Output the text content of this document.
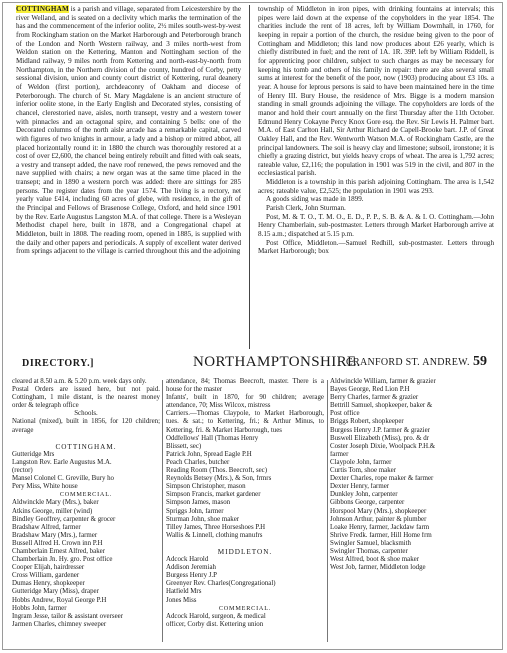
COTTINGHAM is a parish and village, separated from Leicestershire by the river Welland, and is seated on a declivity which marks the termination of the has and the commencement of the inferior oolite, 2½ miles south-west-by-west from Rockingham station on the Market Harborough and Peterborough branch of the London and North Western railway, and 3 miles north-west from Weldon station on the Kettering, Manton and Nottingham section of the Midland railway, 9 miles north from Kettering and north-east-by-north from Northampton, in the Northern division of the county, hundred of Corby, petty sessional division, union and county court district of Kettering, rural deanery of Weldon (first portion), archdeaconry of Oakham and diocese of Peterborough. The church of St. Mary Magdalene is an ancient structure of inferior oolite stone, in the Early English and Decorated styles, consisting of chancel, clerestoried nave, aisles, north transept, vestry and a western tower with pinnacles and an octagonal spire, and containing 5 bells: one of the Decorated columns of the north aisle arcade has a remarkable capital, carved with figures of two knights in armour, a lady and a bishop or mitred abbot, all placed horizontally round it: in 1880 the church was thoroughly restored at a cost of over £2,600, the chancel being entirely rebuilt and fitted with oak seats, a vestry and transept added, the nave roof renewed, the pews removed and the nave supplied with chairs; a new organ was at the same time placed in the transept; and in 1890 a western porch was added: there are sittings for 285 persons. The register dates from the year 1574. The living is a rectory, net yearly value £414, including 60 acres of glebe, with residence, in the gift of the Principal and Fellows of Brasenose College, Oxford, and held since 1901 by the Rev. Earle Augustus Langston M.A. of that college. There is a Wesleyan Methodist chapel here, built in 1878, and a Congregational chapel at Middleton, built in 1808. The reading room, opened in 1885, is supplied with the daily and other papers and periodicals. A supply of excellent water derived from springs adjacent to the village is carried throughout this and the adjoining

township of Middleton in iron pipes, with drinking fountains at intervals; this pipes were laid down at the expense of the copyholders in the year 1854. The charities include the rent of 18 acres, left by William Dowmhall, in 1760, for keeping in repair a portion of the church, the residue being given to the poor of Cottingham and Middleton; this land now produces about £26 yearly, which is chiefly distributed in fuel; and the rent of 1A. 1R. 39P. left by William Riddell, is for apprenticing poor children, subject to such charges as may be necessary for keeping his tomb and others of his family in repair: there are also several small sums at interest for the benefit of the poor, now (1903) producing about £3 10s. a year. A house for leprous persons is said to have been maintained here in the time of Henry III. Bury House, the residence of Mrs. Bigge is a modern mansion standing in small grounds adjoining the village. The copyholders are lords of the manor and hold their court annually on the first Thursday after the 11th October. Edmund Henry Cokayne Percy Knox Gore esq. the Rev. Sir Lewis H. Palmer bart. M.A. of East Carlton Hall, Sir Arthur Richard de Capell-Brooke bart. J.P. of Great Oakley Hall, and the Rev. Wentworth Watson M.A. of Rockingham Castle, are the principal landowners. The soil is heavy clay and limestone; subsoil, ironstone; it is chiefly a grazing district, but yields heavy crops of wheat. The area is 1,792 acres; rateable value, £2,116; the population in 1901 was 519 in the civil, and 807 in the ecclesiastical parish.

Middleton is a township in this parish adjoining Cottingham. The area is 1,542 acres; rateable value, £2,525; the population in 1901 was 293.

A goods siding was made in 1899.

Parish Clerk, John Sturman.

Post, M. & T. O., T. M. O., E. D., P. P., S. B. & A. & I. O. Cottingham.—John Henry Chamberlain, sub-postmaster. Letters through Market Harborough arrive at 8.15 a.m.; dispatched at 5.15 p.m.

Post Office, Middleton.—Samuel Redhill, sub-postmaster. Letters through Market Harborough; box

DIRECTORY.]	NORTHAMPTONSHIRE.
CRANFORD ST. ANDREW. 59
cleared at 8.50 a.m. & 5.20 p.m. week days only.
Postal Orders are issued here, but not paid. Cottingham, 1 mile distant, is the nearest money order & telegraph office
Schools.
National (mixed), built in 1856, for 120 children; average

COTTINGHAM.
Gutteridge Mrs
Langston Rev. Earle Augustus M.A.
(rector)
Mansel Colonel C. Greville, Bury ho
Pery Miss, White house
COMMERCIAL.
Aldwinckle Mary (Mrs.), baker
Atkins George, miller (wind)
Bindley Geoffrey, carpenter & grocer
Bradshaw Alfred, farmer
Bradshaw Mary (Mrs.), farmer
Bussell Alfred H. Crown inn P.H
Chamberlain Ernest Alfred, baker
Chamberlain Jn. Hy. gro. Post office
Cooper Elijah, hairdresser
Cross William, gardener
Dumas Henry, shopkeeper
Gutteridge Mary (Miss), draper
Hobbs Andrew, Royal George P.H
Hobbs John, farmer
Ingram Jesse, tailor & assistant overseer
Jarmen Charles, chimney sweeper
attendance, 84; Thomas Beecroft, master. There is a house for the master
Infants', built in 1870, for 90 children; average attendance, 70; Miss Wilcox, mistress
Carriers.—Thomas Claypole, to Market Harborough, tues. & sat.; to Kettering, fri.; & Arthur Minus, to Kettering, fri. & Market Harborough, tues
Oddfellows' Hall (Thomas Henry
Blissett, sec)
Patrick John, Spread Eagle P.H
Peach Charles, butcher
Reading Room (Thos. Beecroft, sec)
Reynolds Betsey (Mrs.), & Son, frmrs
Simpson Christopher, mason
Simpson Francis, market gardener
Simpson James, mason
Spriggs John, farmer
Sturman John, shoe maker
Tilley James, Three Horseshoes P.H
Wallis & Linnell, clothing manufrs

MIDDLETON.
Adcock Harold
Addison Jeremiah
Burgess Henry J.P
Greenyer Rev. Charles(Congregational)
Hatfield Mrs
Jones Miss
COMMERCIAL.
Adcock Harold, surgeon, & medical
officer, Corby dist. Kettering union
Aldwinckle William, farmer & grazier
Bayes George, Red Lion P.H
Berry Charles, farmer & grazier
Bettrill Samuel, shopkeeper, baker &
Post office
Briggs Robert, shopkeeper
Burgess Henry J.P. farmer & grazier
Buswell Elizabeth (Miss), pro. & dr
Coster Joseph Dixie, Woolpack P.H.&
farmer
Claypole John, farmer
Curtis Tom, shoe maker
Dexter Charles, rope maker & farmer
Dexter Henry, farmer
Dunkley John, carpenter
Gibbons George, carpenter
Horspool Mary (Mrs.), shopkeeper
Johnson Arthur, painter & plumber
Loake Henry, farmer, Jackdaw farm
Shrive Fredk. farmer, Hill Home frm
Swingler Samuel, blacksmith
Swingler Thomas, carpenter
West Alfred, boot & shoe maker
West Job, farmer, Middleton lodge
